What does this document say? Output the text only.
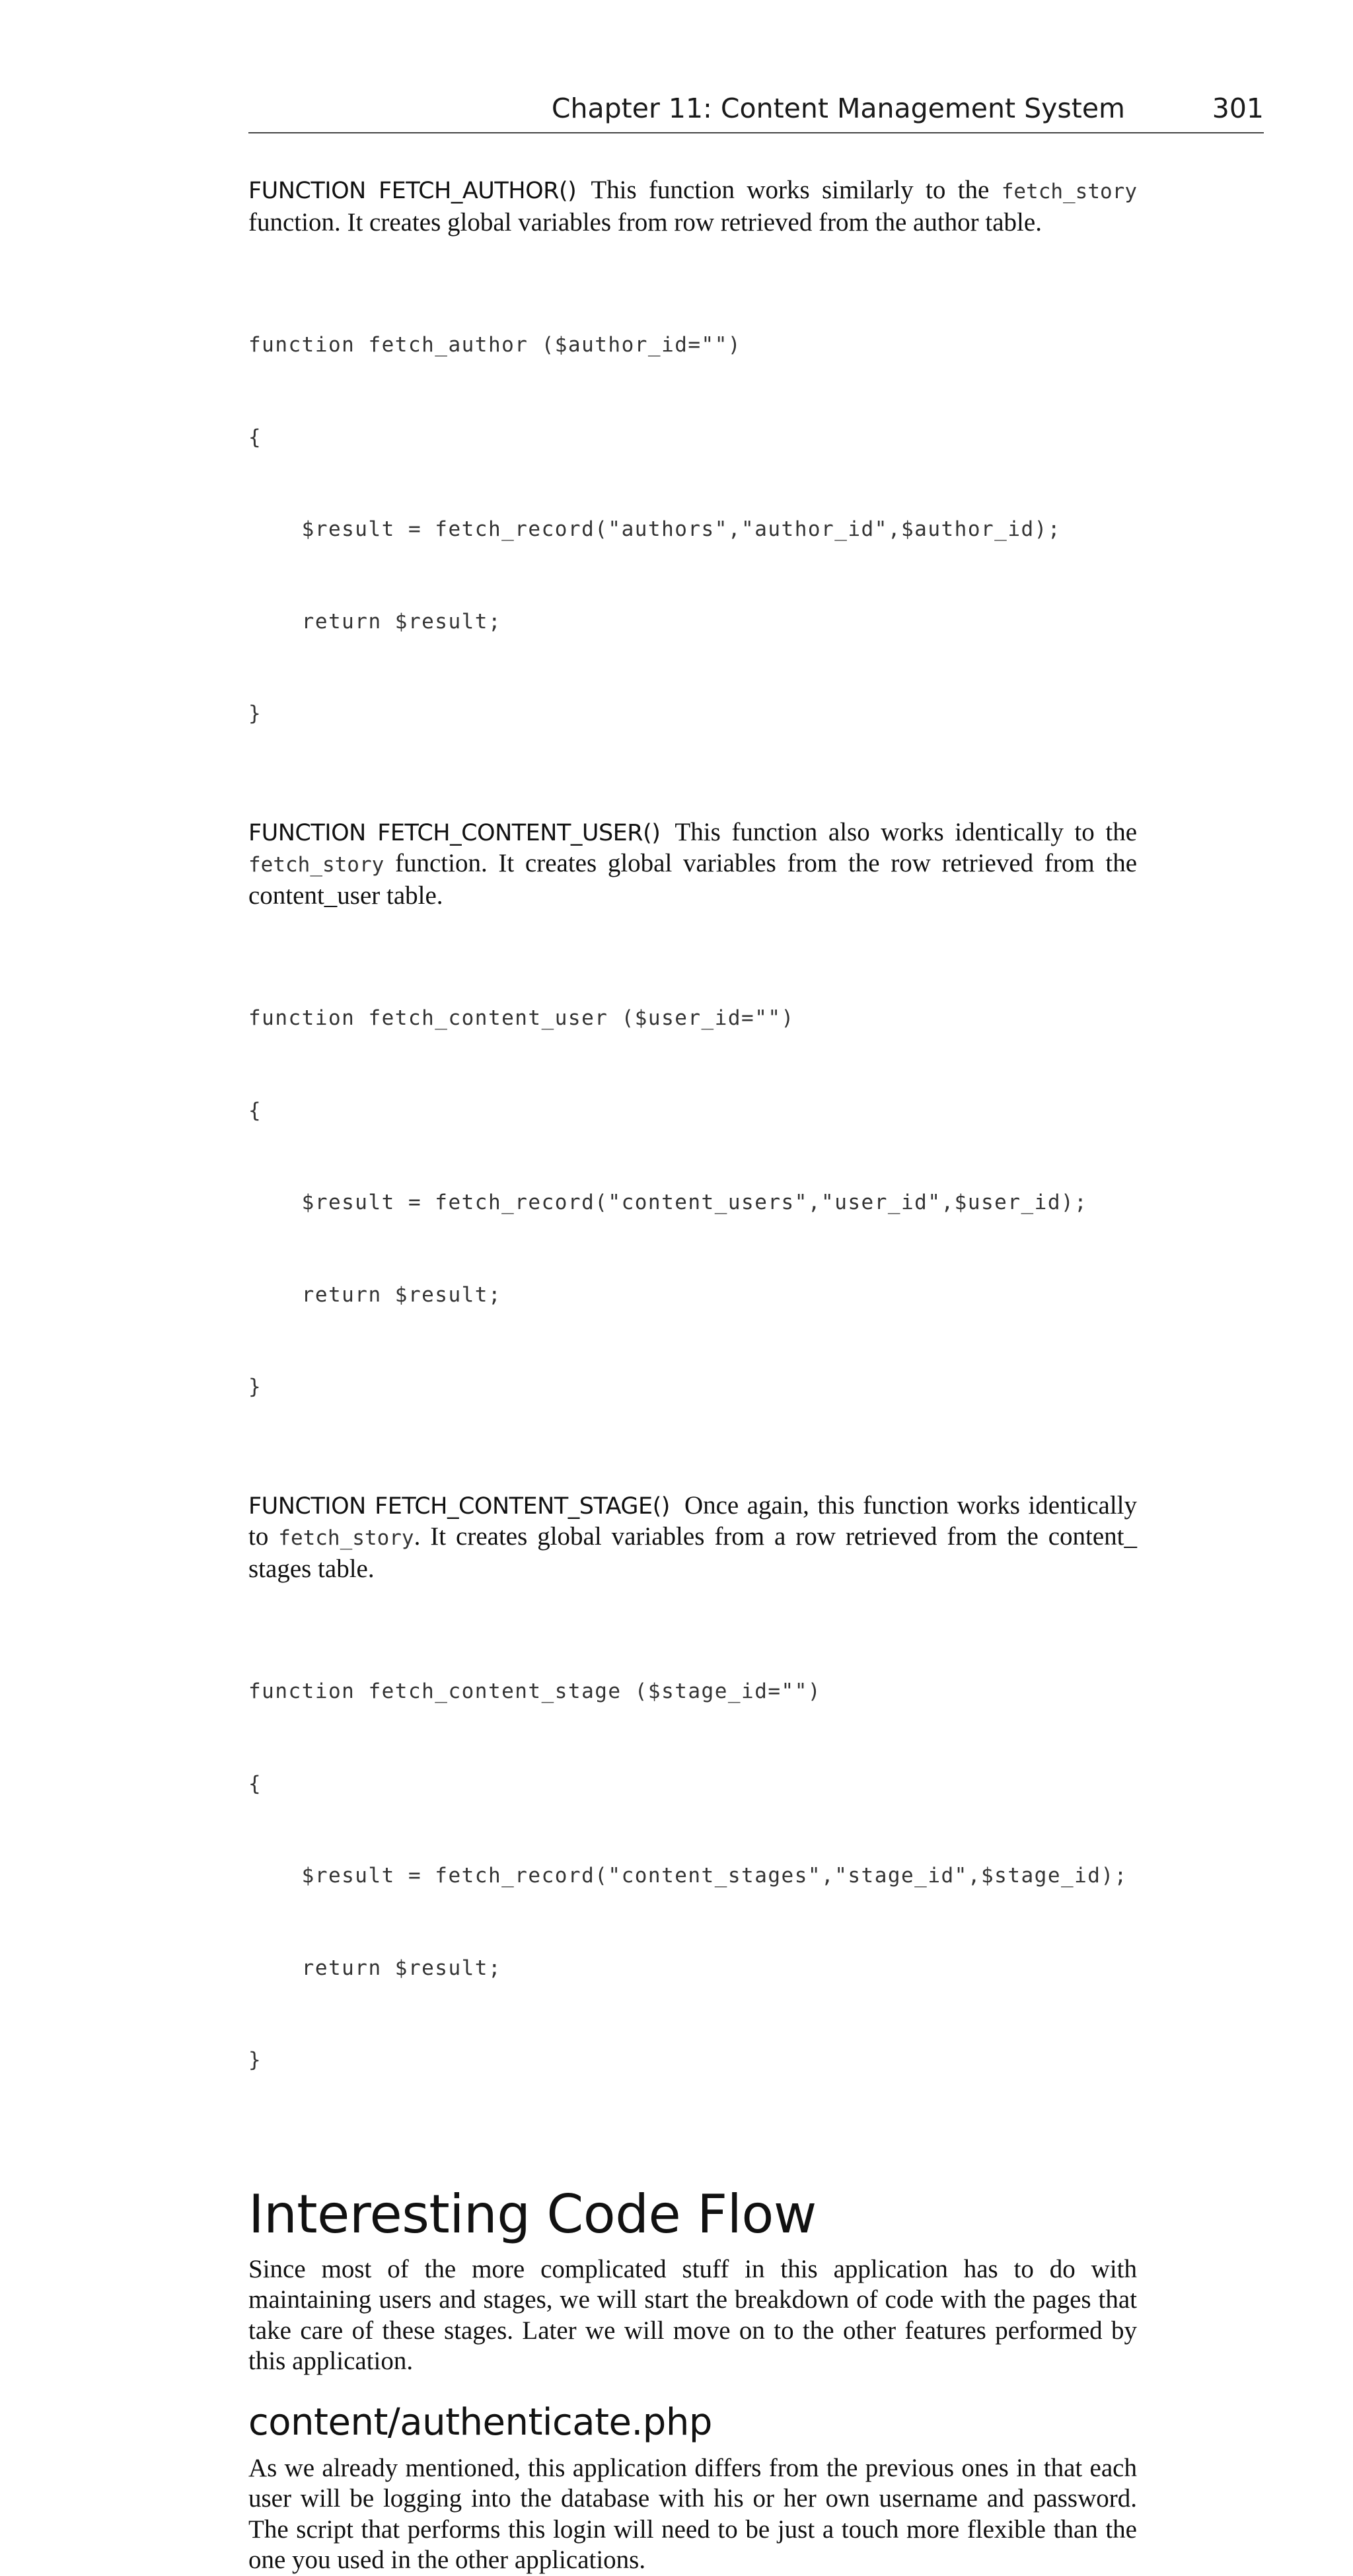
Chapter 11: Content Management System	301

FUNCTION FETCH_AUTHOR() This function works similarly to the fetch_story function. It creates global variables from row retrieved from the author table.

function fetch_author ($author_id="")

{

$result = fetch_record("authors","author_id",$author_id);

return $result;

}

FUNCTION FETCH_CONTENT_USER() This function also works identically to the fetch_story function. It creates global variables from the row retrieved from the content_user table.

function fetch_content_user ($user_id="")

{

$result = fetch_record("content_users","user_id",$user_id);

return $result;

}

FUNCTION FETCH_CONTENT_STAGE() Once again, this function works identically to fetch_story. It creates global variables from a row retrieved from the content_ stages table.

function fetch_content_stage ($stage_id="")

{

$result = fetch_record("content_stages","stage_id",$stage_id);

return $result;

}

Interesting Code Flow

Since most of the more complicated stuff in this application has to do with maintaining users and stages, we will start the breakdown of code with the pages that take care of these stages. Later we will move on to the other features performed by this application.

content/authenticate.php

As we already mentioned, this application differs from the previous ones in that each user will be logging into the database with his or her own username and password. The script that performs this login will need to be just a touch more flexible than the one you used in the other applications.
